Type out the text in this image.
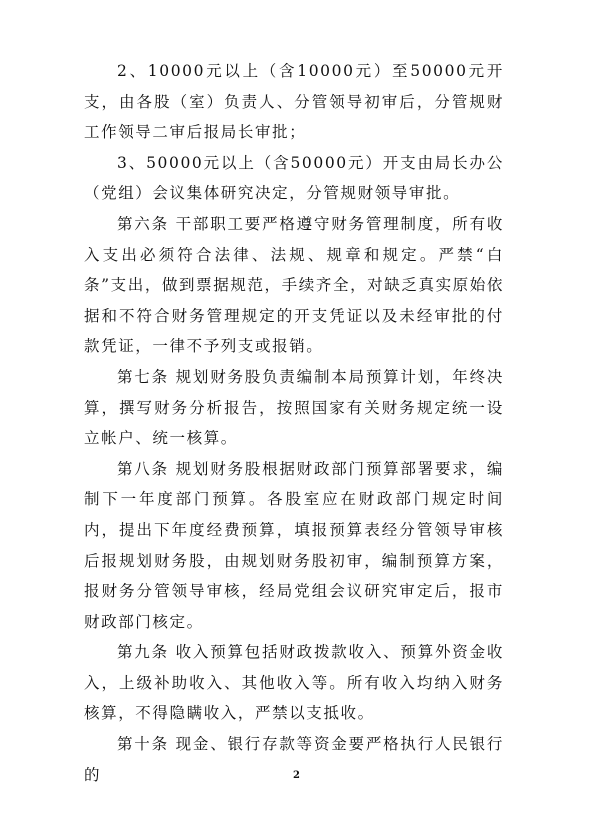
2、10000元以上（含10000元）至50000元开支，由各股（室）负责人、分管领导初审后，分管规财工作领导二审后报局长审批；

3、50000元以上（含50000元）开支由局长办公（党组）会议集体研究决定，分管规财领导审批。

第六条 干部职工要严格遵守财务管理制度，所有收入支出必须符合法律、法规、规章和规定。严禁“白条”支出，做到票据规范，手续齐全，对缺乏真实原始依据和不符合财务管理规定的开支凭证以及未经审批的付款凭证，一律不予列支或报销。

第七条 规划财务股负责编制本局预算计划，年终决算，撰写财务分析报告，按照国家有关财务规定统一设立帐户、统一核算。

第八条 规划财务股根据财政部门预算部署要求，编制下一年度部门预算。各股室应在财政部门规定时间内，提出下年度经费预算，填报预算表经分管领导审核后报规划财务股，由规划财务股初审，编制预算方案，报财务分管领导审核，经局党组会议研究审定后，报市财政部门核定。

第九条 收入预算包括财政拨款收入、预算外资金收入，上级补助收入、其他收入等。所有收入均纳入财务核算，不得隐瞒收入，严禁以支抵收。

第十条 现金、银行存款等资金要严格执行人民银行的	2
